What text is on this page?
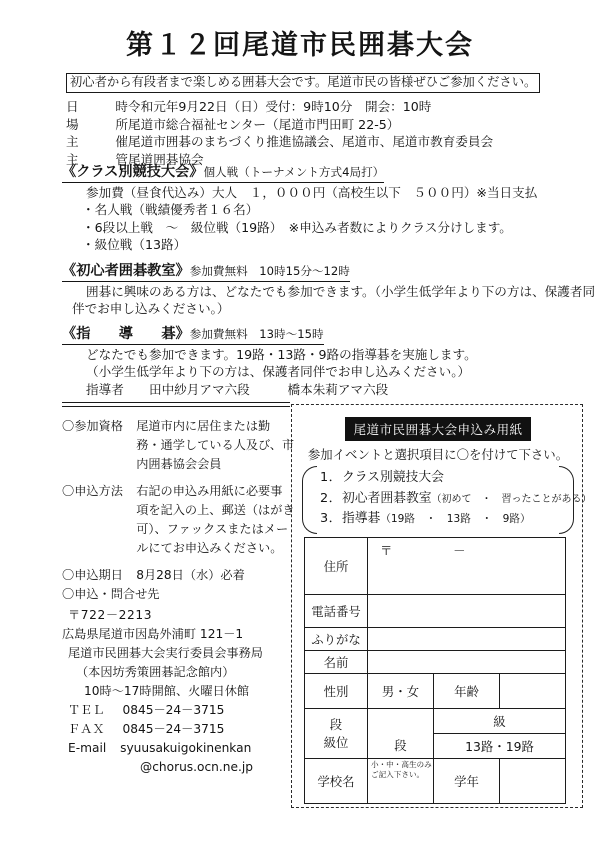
第１２回尾道市民囲碁大会
初心者から有段者まで楽しめる囲碁大会です。尾道市民の皆様ぜひご参加ください。
日	時 令和元年9月22日（日）受付：9時10分　開会：10時
場	所 尾道市総合福祉センター（尾道市門田町 22-5）
主	催 尾道市囲碁のまちづくり推進協議会、尾道市、尾道市教育委員会
主	管 尾道囲碁協会
《クラス別競技大会》個人戦（トーナメント方式4局打）
参加費（昼食代込み）大人　１，０００円（高校生以下　５００円）※当日支払
・名人戦（戦績優秀者１６名）
・6段以上戦　～　級位戦（19路）　※申込み者数によりクラス分けします。
・級位戦（13路）
《初心者囲碁教室》参加費無料　10時15分～12時
囲碁に興味のある方は、どなたでも参加できます。（小学生低学年より下の方は、保護者同
伴でお申し込みください。）
《指　　導　　碁》参加費無料　13時～15時
どなたでも参加できます。19路・13路・9路の指導碁を実施します。
（小学生低学年より下の方は、保護者同伴でお申し込みください。）
指導者　　田中紗月アマ六段　　　橋本朱莉アマ六段
〇 参加資格	尾道市内に居住または勤
務・通学している人及び、市
内囲碁協会会員
〇 申込方法	右記の申込み用紙に必要事
項を記入の上、郵送（はがき
可）、ファックスまたはメー
ルにてお申込みください。
〇 申込期日	8月28日（水）必着
〇 申込・問合せ先
〒722－2213
広島県尾道市因島外浦町 121－1
尾道市民囲碁大会実行委員会事務局
（本因坊秀策囲碁記念館内）
10時～17時開館、火曜日休館
ＴＥＬ 0845－24－3715
ＦＡＸ 0845－24－3715
E-mail syuusakuigokinenkan
@chorus.ocn.ne.jp
尾道市民囲碁大会申込み用紙
参加イベントと選択項目に〇を付けて下さい。
1．クラス別競技大会
2．初心者囲碁教室（初めて　・　習ったことがある）
3．指導碁（19路　・　13路　・　9路）
住所	〒　　－		

電話番号			
ふりがな			
名前			
性別	男・女	年齢	

段
級位	段	級	
		13路・19路	
学校名	小・中・高生のみご記入下さい。	学年	
